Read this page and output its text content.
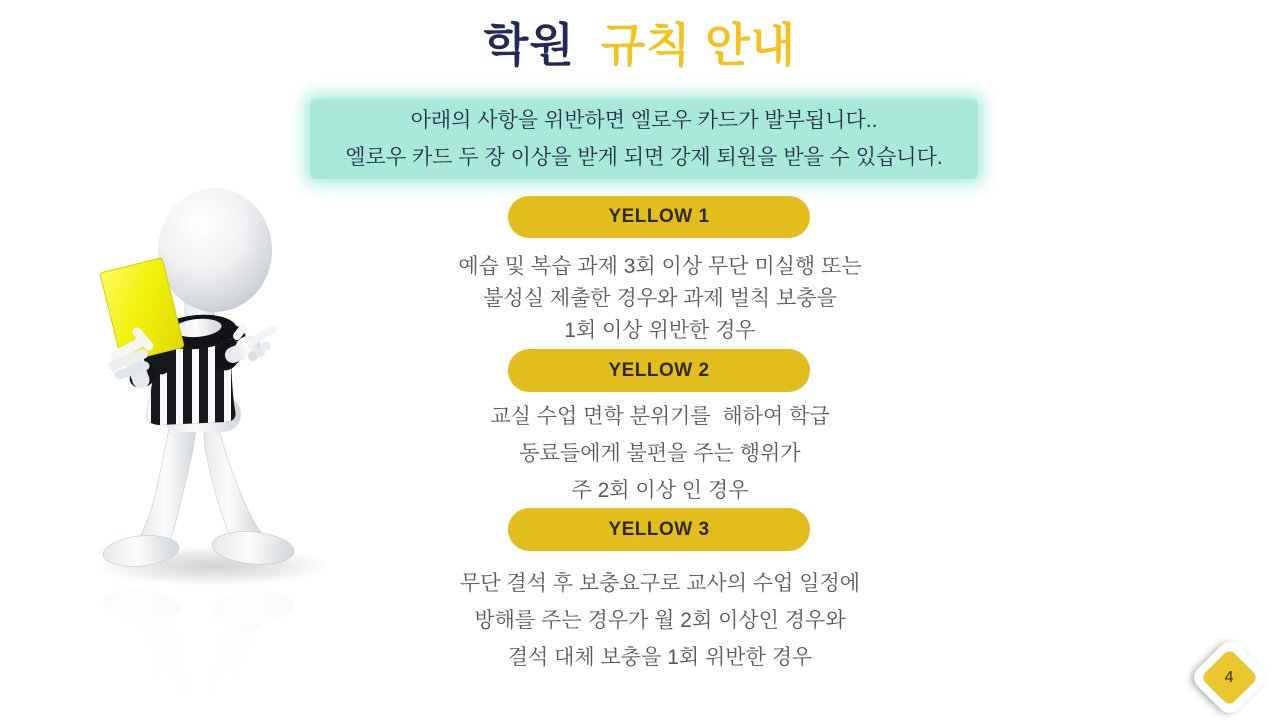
학원 규칙 안내
아래의 사항을 위반하면 엘로우 카드가 발부됩니다..
엘로우 카드 두 장 이상을 받게 되면 강제 퇴원을 받을 수 있습니다.
YELLOW 1
예습 및 복습 과제 3회 이상 무단 미실행 또는
불성실 제출한 경우와 과제 벌칙 보충을
1회 이상 위반한 경우
YELLOW 2
교실 수업 면학 분위기를  해하여 학급
동료들에게 불편을 주는 행위가
주 2회 이상 인 경우
YELLOW 3
무단 결석 후 보충요구로 교사의 수업 일정에
방해를 주는 경우가 월 2회 이상인 경우와
결석 대체 보충을 1회 위반한 경우
4
